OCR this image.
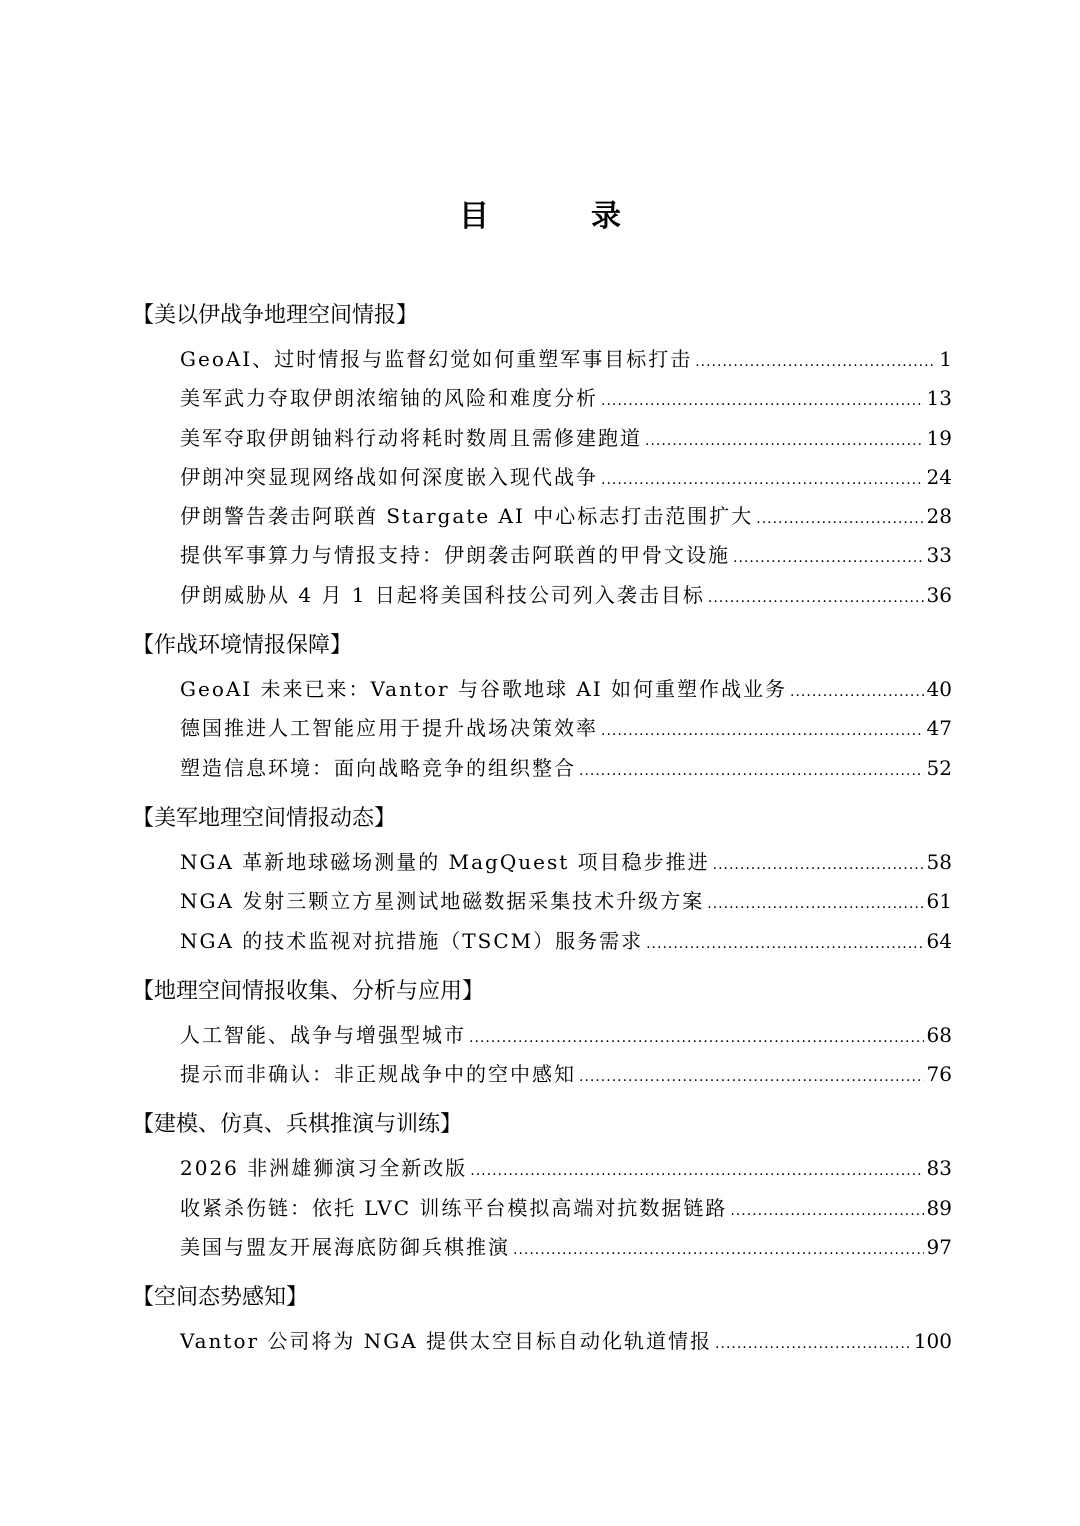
目　录
【美以伊战争地理空间情报】
GeoAI、过时情报与监督幻觉如何重塑军事目标打击 .....	1
美军武力夺取伊朗浓缩铀的风险和难度分析 .....	13
美军夺取伊朗铀料行动将耗时数周且需修建跑道 .....	19
伊朗冲突显现网络战如何深度嵌入现代战争 .....	24
伊朗警告袭击阿联酋 Stargate AI 中心标志打击范围扩大 .....	28
提供军事算力与情报支持：伊朗袭击阿联酋的甲骨文设施 .....	33
伊朗威胁从 4 月 1 日起将美国科技公司列入袭击目标 .....	36
【作战环境情报保障】
GeoAI 未来已来：Vantor 与谷歌地球 AI 如何重塑作战业务 .....	40
德国推进人工智能应用于提升战场决策效率 .....	47
塑造信息环境：面向战略竞争的组织整合 .....	52
【美军地理空间情报动态】
NGA 革新地球磁场测量的 MagQuest 项目稳步推进 .....	58
NGA 发射三颗立方星测试地磁数据采集技术升级方案 .....	61
NGA 的技术监视对抗措施（TSCM）服务需求 .....	64
【地理空间情报收集、分析与应用】
人工智能、战争与增强型城市 .....	68
提示而非确认：非正规战争中的空中感知 .....	76
【建模、仿真、兵棋推演与训练】
2026 非洲雄狮演习全新改版 .....	83
收紧杀伤链：依托 LVC 训练平台模拟高端对抗数据链路 .....	89
美国与盟友开展海底防御兵棋推演 .....	97
【空间态势感知】
Vantor 公司将为 NGA 提供太空目标自动化轨道情报 .....	100
